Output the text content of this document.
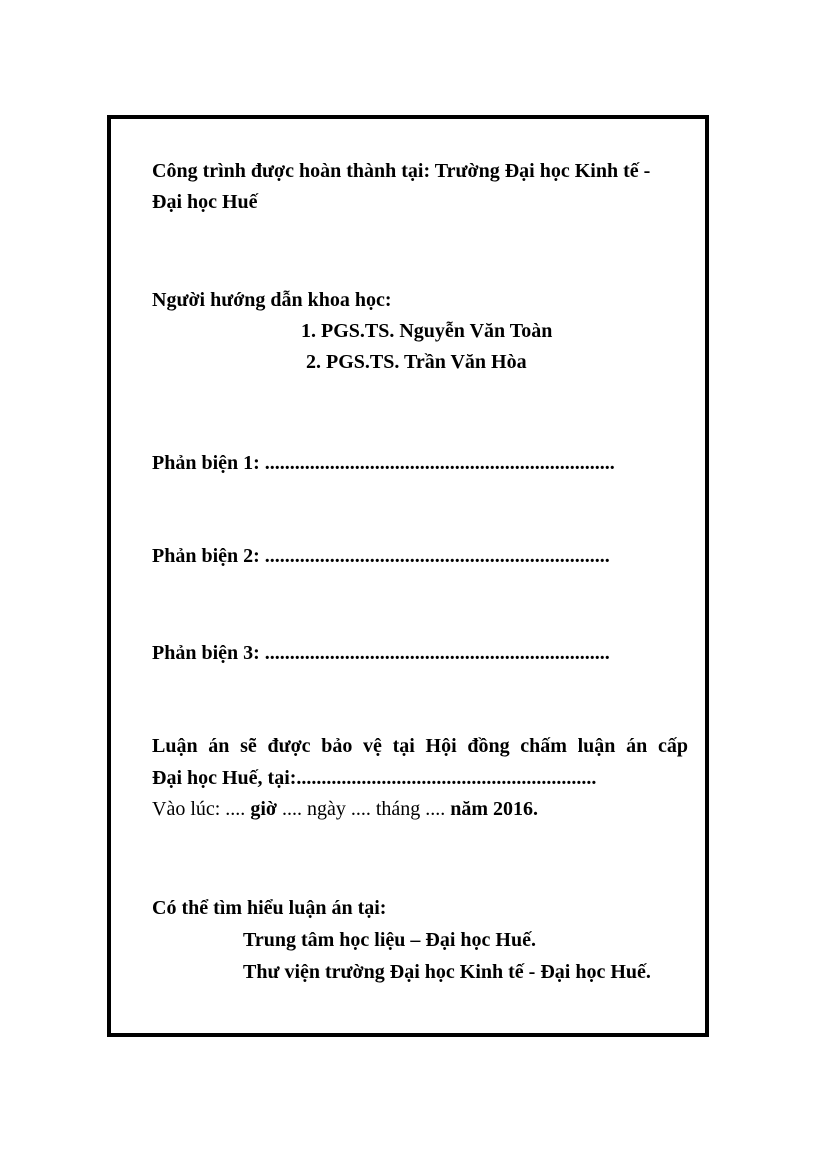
Công trình được hoàn thành tại: Trường Đại học Kinh tế -
Đại học Huế
Người hướng dẫn khoa học:
1. PGS.TS. Nguyễn Văn Toàn
2. PGS.TS. Trần Văn Hòa
Phản biện 1: ......................................................................
Phản biện 2: .....................................................................
Phản biện 3: .....................................................................
Luận án sẽ được bảo vệ tại Hội đồng chấm luận án cấp
Đại học Huế, tại:............................................................
Vào lúc: .... giờ .... ngày .... tháng .... năm 2016.
Có thể tìm hiểu luận án tại:
Trung tâm học liệu – Đại học Huế.
Thư viện trường Đại học Kinh tế - Đại học Huế.
